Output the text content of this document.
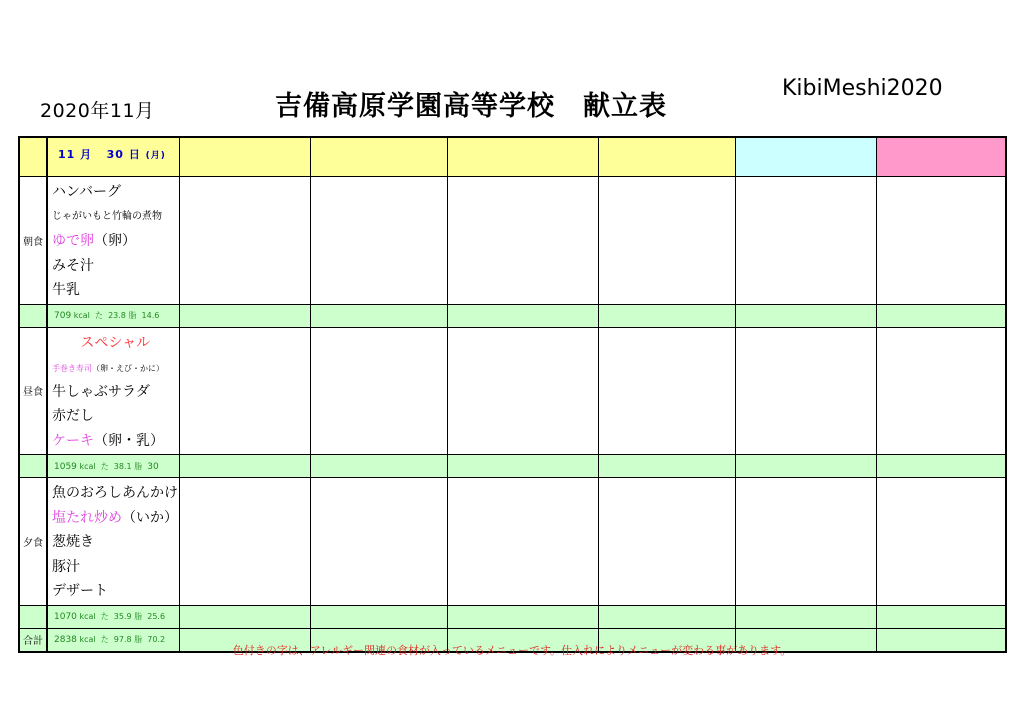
2020年11月	吉備高原学園高等学校　献立表
KibiMeshi2020
	11 月 30 日 (月)						
朝食	ハンバーグ
じゃがいもと竹輪の煮物
ゆで卵（卵）
みそ汁
牛乳						

	709 kcal た 23.8 脂 14.6						
昼食	スペシャル
手巻き寿司（卵・えび・かに）
牛しゃぶサラダ
赤だし
ケーキ（卵・乳）						

	1059 kcal た 38.1 脂 30						
夕食	魚のおろしあんかけ
塩たれ炒め（いか）
葱焼き
豚汁
デザート						

	1070 kcal た 35.9 脂 25.6						
合計	2838 kcal た 97.8 脂 70.2						
色付きの字は、アレルギー関連の食材が入っているメニューです。仕入れによりメニューが変わる事があります。
